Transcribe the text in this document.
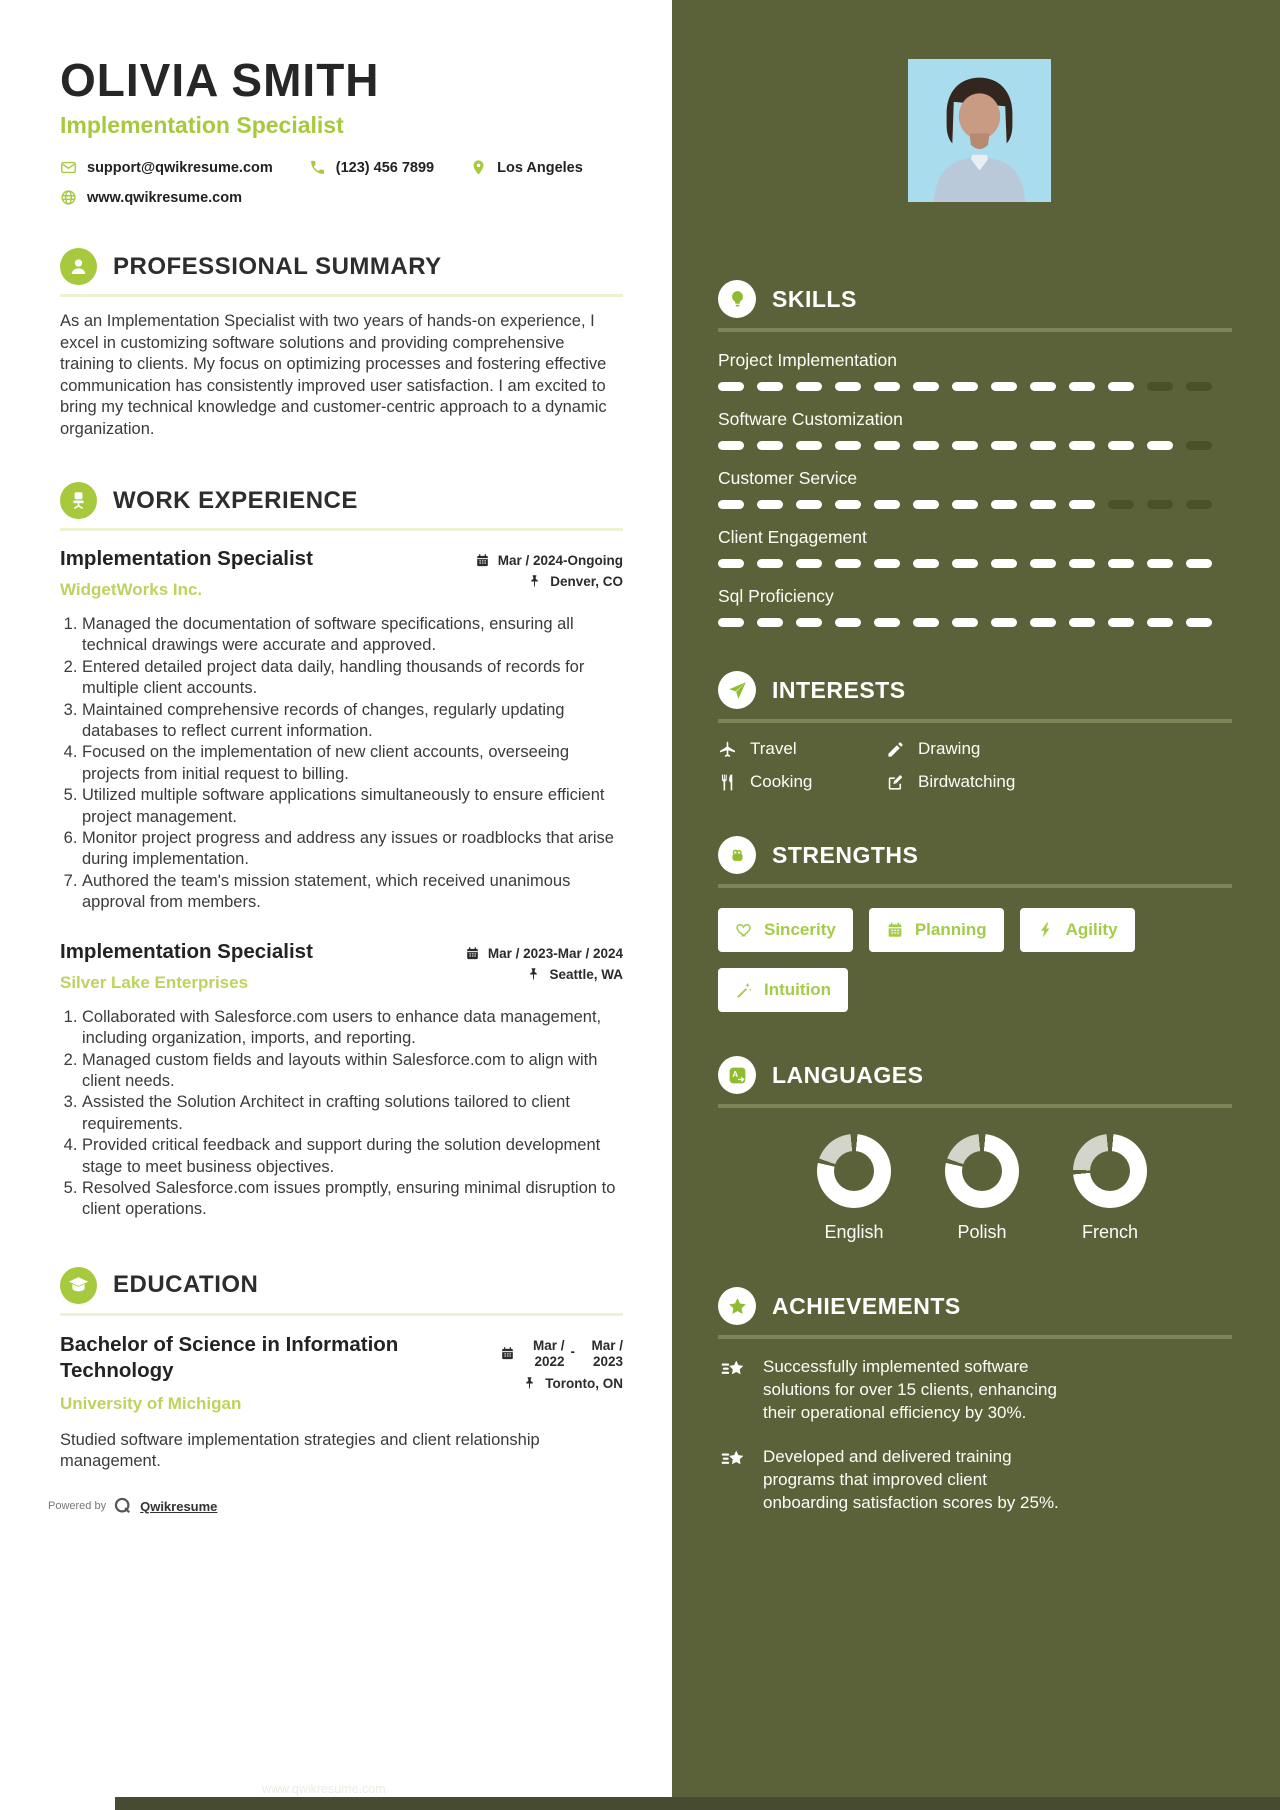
OLIVIA SMITH
Implementation Specialist
support@qwikresume.com	(123) 456 7899	Los Angeles
www.qwikresume.com
PROFESSIONAL SUMMARY

As an Implementation Specialist with two years of hands-on experience, I excel in customizing software solutions and providing comprehensive training to clients. My focus on optimizing processes and fostering effective communication has consistently improved user satisfaction. I am excited to bring my technical knowledge and customer-centric approach to a dynamic organization.

WORK EXPERIENCE
Implementation Specialist
WidgetWorks Inc.
Mar / 2024-Ongoing
Denver, CO
1. Managed the documentation of software specifications, ensuring all technical drawings were accurate and approved.
2. Entered detailed project data daily, handling thousands of records for multiple client accounts.
3. Maintained comprehensive records of changes, regularly updating databases to reflect current information.
4. Focused on the implementation of new client accounts, overseeing projects from initial request to billing.
5. Utilized multiple software applications simultaneously to ensure efficient project management.
6. Monitor project progress and address any issues or roadblocks that arise during implementation.
7. Authored the team's mission statement, which received unanimous approval from members.
Implementation Specialist
Silver Lake Enterprises
Mar / 2023-Mar / 2024
Seattle, WA
1. Collaborated with Salesforce.com users to enhance data management, including organization, imports, and reporting.
2. Managed custom fields and layouts within Salesforce.com to align with client needs.
3. Assisted the Solution Architect in crafting solutions tailored to client requirements.
4. Provided critical feedback and support during the solution development stage to meet business objectives.
5. Resolved Salesforce.com issues promptly, ensuring minimal disruption to client operations.
EDUCATION
Bachelor of Science in Information Technology
University of Michigan
Mar / 2022
-	Mar / 2023
Toronto, ON

Studied software implementation strategies and client relationship management.

SKILLS
Project Implementation
Software Customization
Customer Service
Client Engagement
Sql Proficiency
INTERESTS
Travel	Drawing
Cooking	Birdwatching
STRENGTHS
Sincerity	Planning	Agility
Intuition
A LANGUAGES
English	Polish	French
ACHIEVEMENTS
Successfully implemented software solutions for over 15 clients, enhancing their operational efficiency by 30%.
Developed and delivered training programs that improved client onboarding satisfaction scores by 25%.
Powered by	Qwikresume
www.qwikresume.com
